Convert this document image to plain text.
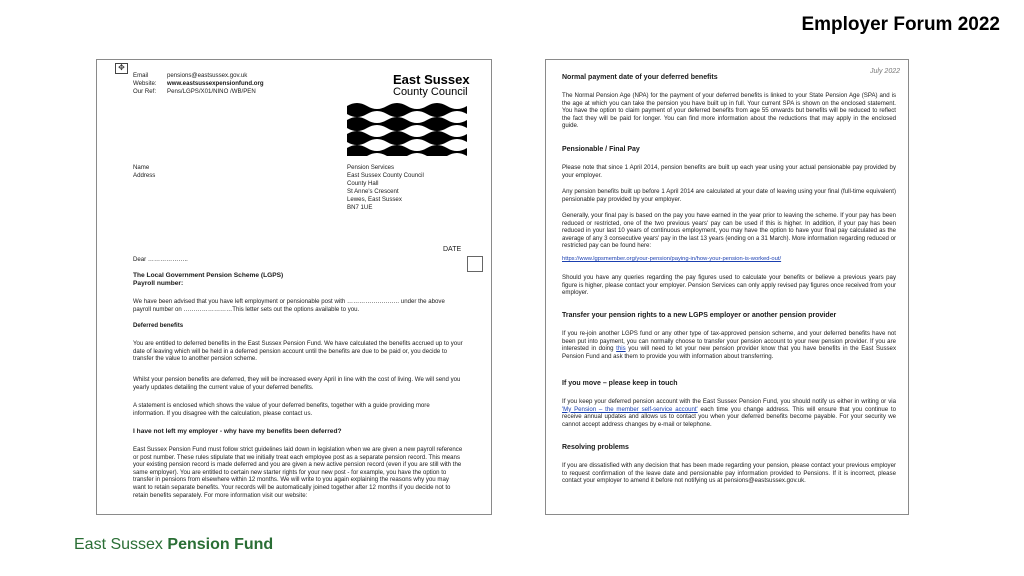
Employer Forum 2022
✥
Email	pensions@eastsussex.gov.uk
Website:	www.eastsussexpensionfund.org
Our Ref:	Pens/LGPS/X01/NINO /WB/PEN
East Sussex
County Council
Name
Address
Pension Services
East Sussex County Council
County Hall
St Anne's Crescent
Lewes, East Sussex
BN7 1UE
DATE
Dear ………………..
The Local Government Pension Scheme (LGPS)
Payroll number:
We have been advised that you have left employment or pensionable post with …………………….. under the above payroll number on ……………………This letter sets out the options available to you.
Deferred benefits
You are entitled to deferred benefits in the East Sussex Pension Fund. We have calculated the benefits accrued up to your date of leaving which will be held in a deferred pension account until the benefits are due to be paid or, you decide to transfer the value to another pension scheme.
Whilst your pension benefits are deferred, they will be increased every April in line with the cost of living. We will send you yearly updates detailing the current value of your deferred benefits.
A statement is enclosed which shows the value of your deferred benefits, together with a guide providing more information. If you disagree with the calculation, please contact us.
I have not left my employer - why have my benefits been deferred?
East Sussex Pension Fund must follow strict guidelines laid down in legislation when we are given a new payroll reference or post number. These rules stipulate that we initially treat each employee post as a separate pension record. This means your existing pension record is made deferred and you are given a new active pension record (even if you are still with the same employer). You are entitled to certain new starter rights for your new post - for example, you have the option to transfer in pensions from elsewhere within 12 months. We will write to you again explaining the reasons why you may want to retain separate benefits. Your records will be automatically joined together after 12 months if you decide not to retain benefits separately. For more information visit our website:
July 2022
Normal payment date of your deferred benefits
The Normal Pension Age (NPA) for the payment of your deferred benefits is linked to your State Pension Age (SPA) and is the age at which you can take the pension you have built up in full. Your current SPA is shown on the enclosed statement. You have the option to claim payment of your deferred benefits from age 55 onwards but benefits will be reduced to reflect the fact they will be paid for longer. You can find more information about the reductions that may apply in the enclosed guide.
Pensionable / Final Pay
Please note that since 1 April 2014, pension benefits are built up each year using your actual pensionable pay provided by your employer.
Any pension benefits built up before 1 April 2014 are calculated at your date of leaving using your final (full-time equivalent) pensionable pay provided by your employer.
Generally, your final pay is based on the pay you have earned in the year prior to leaving the scheme. If your pay has been reduced or restricted, one of the two previous years' pay can be used if this is higher. In addition, if your pay has been reduced in your last 10 years of continuous employment, you may have the option to have your final pay calculated as the average of any 3 consecutive years' pay in the last 13 years (ending on a 31 March). More information regarding reduced or restricted pay can be found here:
https://www.lgpsmember.org/your-pension/paying-in/how-your-pension-is-worked-out/
Should you have any queries regarding the pay figures used to calculate your benefits or believe a previous years pay figure is higher, please contact your employer. Pension Services can only apply revised pay figures once received from your employer.
Transfer your pension rights to a new LGPS employer or another pension provider
If you re-join another LGPS fund or any other type of tax-approved pension scheme, and your deferred benefits have not been put into payment, you can normally choose to transfer your pension account to your new pension provider. If you are interested in doing this you will need to let your new pension provider know that you have benefits in the East Sussex Pension Fund and ask them to provide you with information about transferring.
If you move – please keep in touch
If you keep your deferred pension account with the East Sussex Pension Fund, you should notify us either in writing or via 'My Pension – the member self-service account' each time you change address. This will ensure that you continue to receive annual updates and allows us to contact you when your deferred benefits become payable. For your security we cannot accept address changes by e-mail or telephone.
Resolving problems
If you are dissatisfied with any decision that has been made regarding your pension, please contact your previous employer to request confirmation of the leave date and pensionable pay information provided to Pensions. If it is incorrect, please contact your employer to amend it before not notifying us at pensions@eastsussex.gov.uk.
East Sussex Pension Fund
